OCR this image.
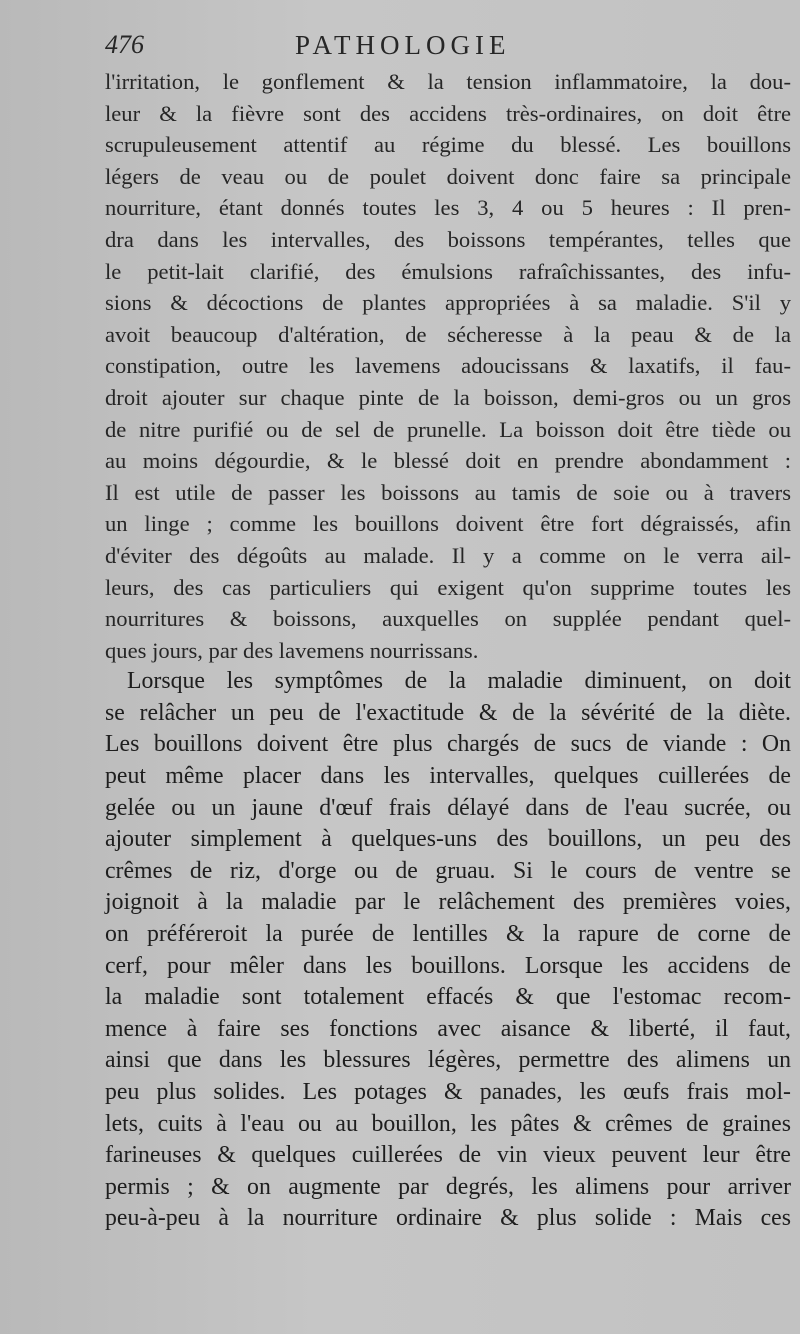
476	PATHOLOGIE
l'irritation, le gonflement & la tension inflammatoire, la dou-
leur & la fièvre sont des accidens très-ordinaires, on doit être
scrupuleusement attentif au régime du blessé. Les bouillons
légers de veau ou de poulet doivent donc faire sa principale
nourriture, étant donnés toutes les 3, 4 ou 5 heures : Il pren-
dra dans les intervalles, des boissons tempérantes, telles que
le petit-lait clarifié, des émulsions rafraîchissantes, des infu-
sions & décoctions de plantes appropriées à sa maladie. S'il y
avoit beaucoup d'altération, de sécheresse à la peau & de la
constipation, outre les lavemens adoucissans & laxatifs, il fau-
droit ajouter sur chaque pinte de la boisson, demi-gros ou un gros
de nitre purifié ou de sel de prunelle. La boisson doit être tiède ou
au moins dégourdie, & le blessé doit en prendre abondamment :
Il est utile de passer les boissons au tamis de soie ou à travers
un linge ; comme les bouillons doivent être fort dégraissés, afin
d'éviter des dégoûts au malade. Il y a comme on le verra ail-
leurs, des cas particuliers qui exigent qu'on supprime toutes les
nourritures & boissons, auxquelles on supplée pendant quel-
ques jours, par des lavemens nourrissans.
Lorsque les symptômes de la maladie diminuent, on doit
se relâcher un peu de l'exactitude & de la sévérité de la diète.
Les bouillons doivent être plus chargés de sucs de viande : On
peut même placer dans les intervalles, quelques cuillerées de
gelée ou un jaune d'œuf frais délayé dans de l'eau sucrée, ou
ajouter simplement à quelques-uns des bouillons, un peu des
crêmes de riz, d'orge ou de gruau. Si le cours de ventre se
joignoit à la maladie par le relâchement des premières voies,
on préféreroit la purée de lentilles & la rapure de corne de
cerf, pour mêler dans les bouillons. Lorsque les accidens de
la maladie sont totalement effacés & que l'estomac recom-
mence à faire ses fonctions avec aisance & liberté, il faut,
ainsi que dans les blessures légères, permettre des alimens un
peu plus solides. Les potages & panades, les œufs frais mol-
lets, cuits à l'eau ou au bouillon, les pâtes & crêmes de graines
farineuses & quelques cuillerées de vin vieux peuvent leur être
permis ; & on augmente par degrés, les alimens pour arriver
peu-à-peu à la nourriture ordinaire & plus solide : Mais ces
